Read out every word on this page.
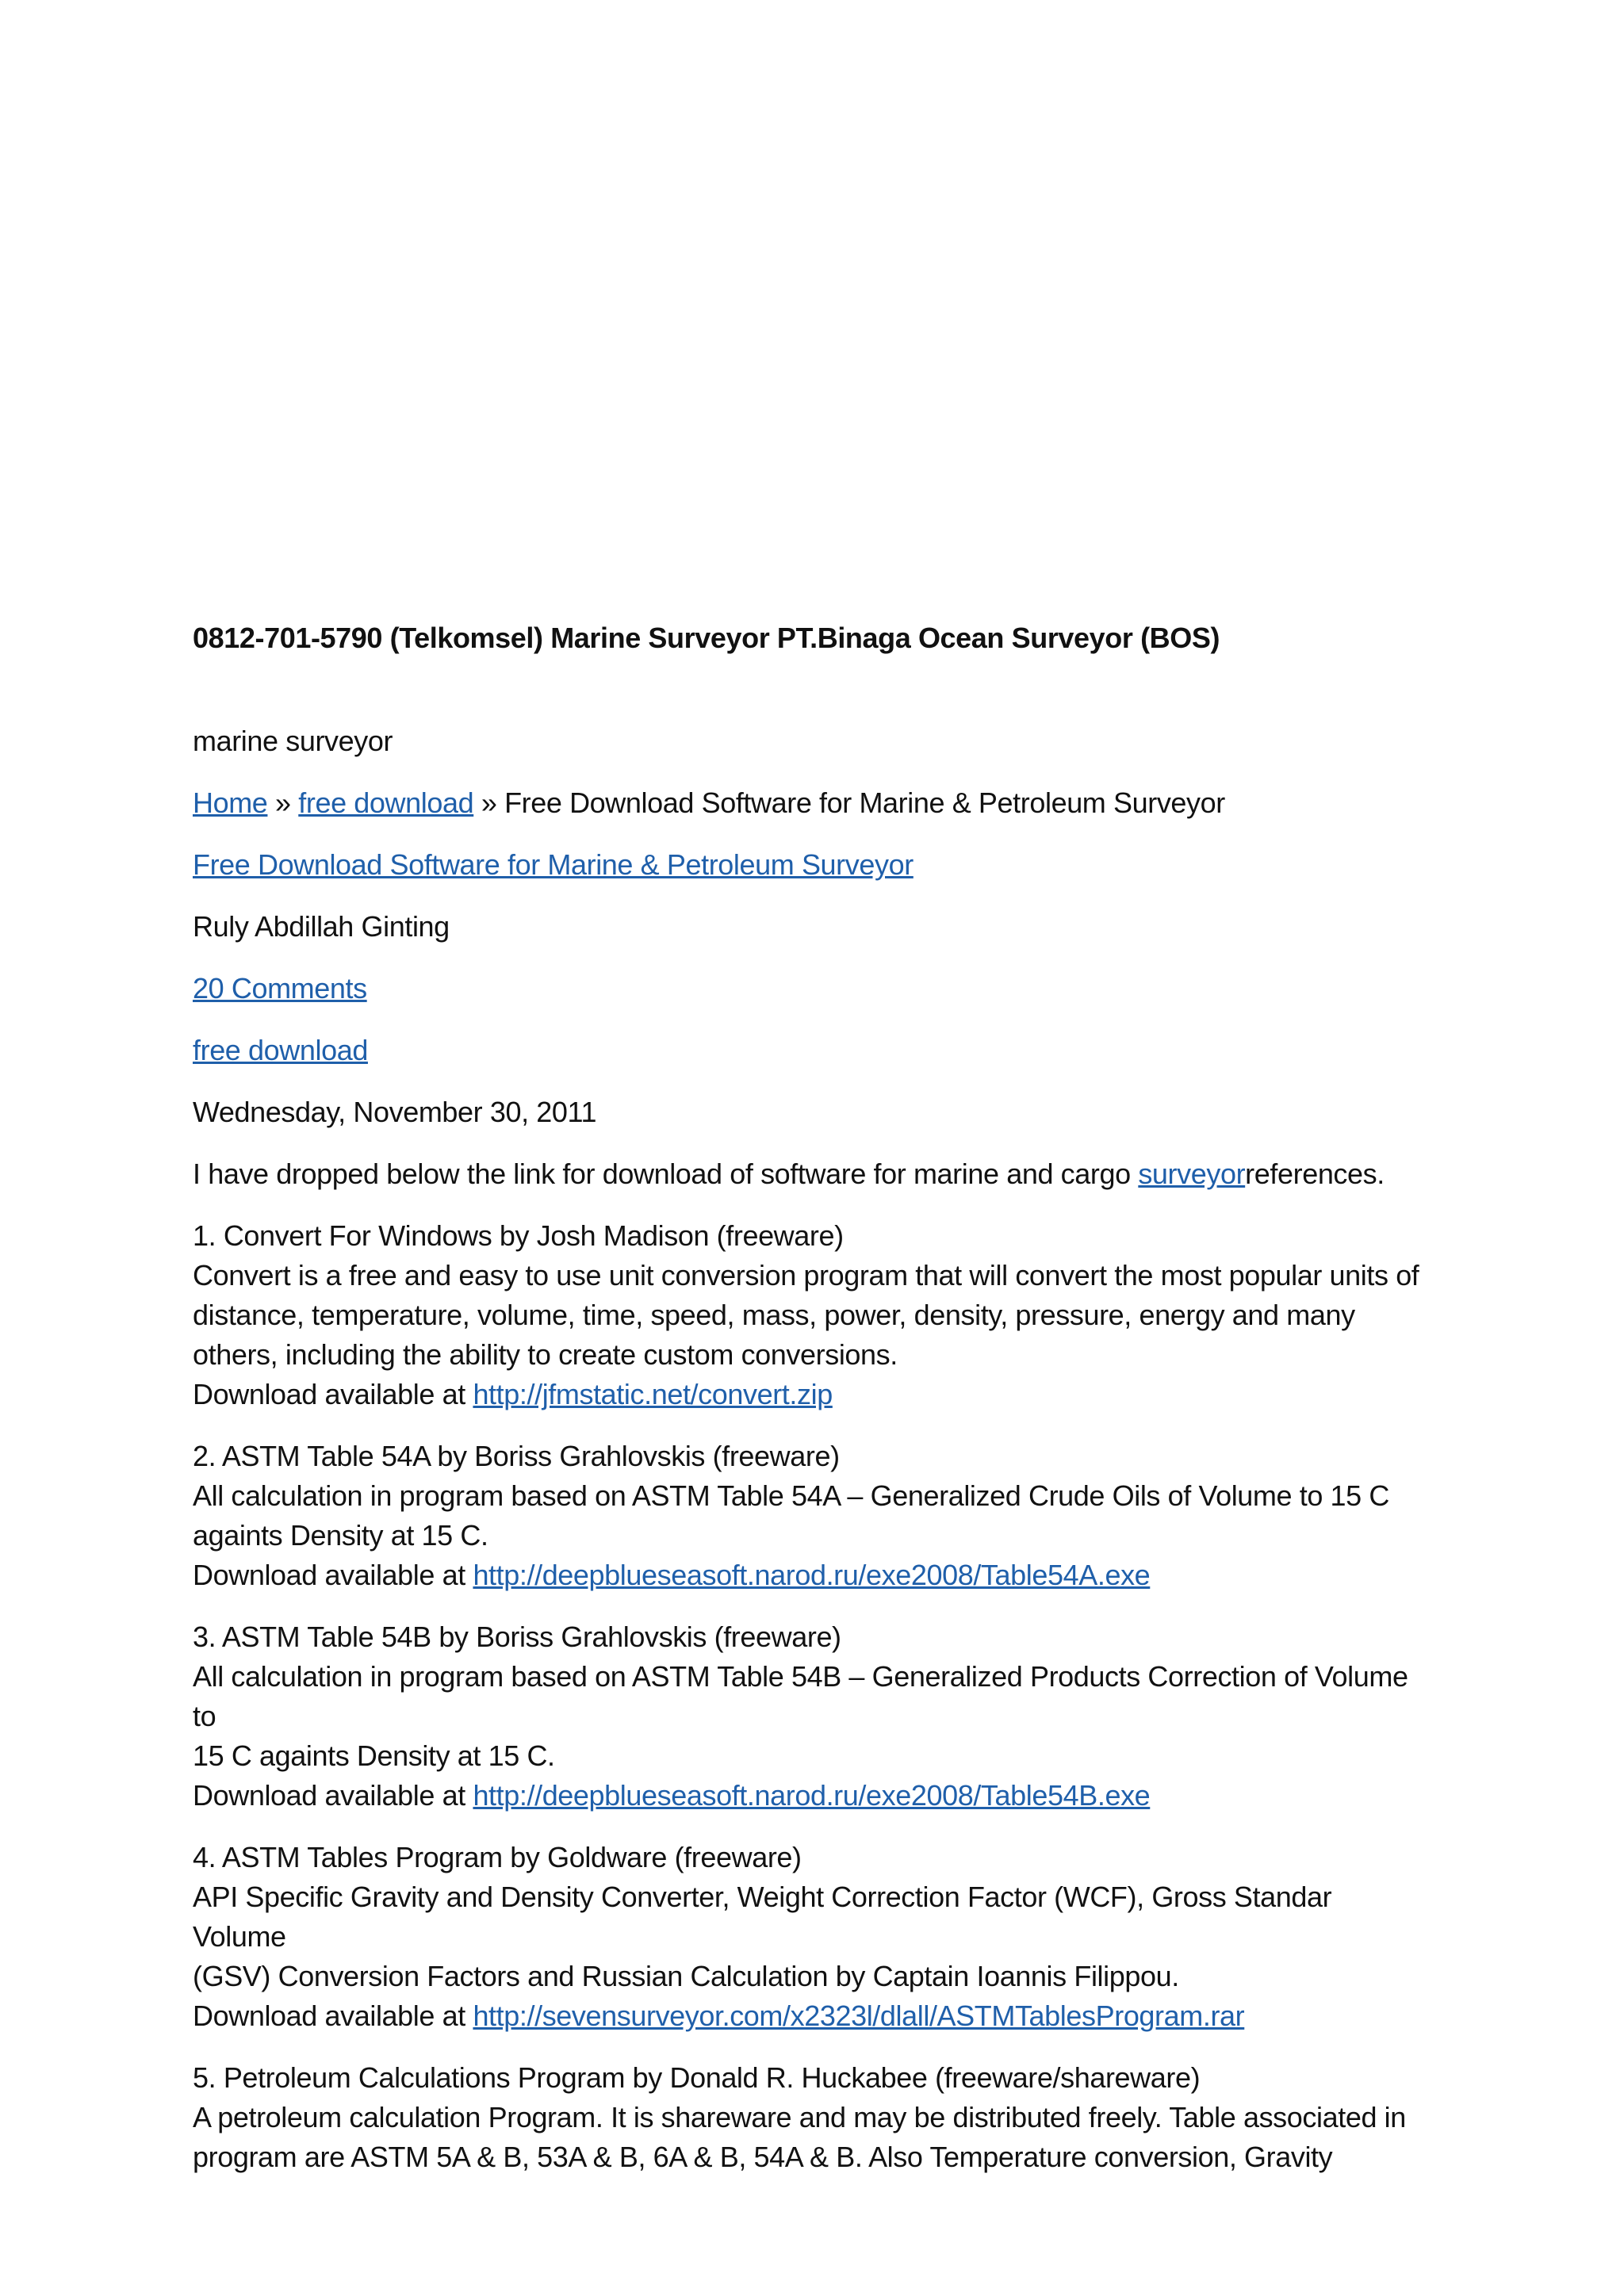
0812-701-5790 (Telkomsel) Marine Surveyor PT.Binaga Ocean Surveyor (BOS)
marine surveyor
Home » free download » Free Download Software for Marine & Petroleum Surveyor
Free Download Software for Marine & Petroleum Surveyor
Ruly Abdillah Ginting
20 Comments
free download
Wednesday, November 30, 2011
I have dropped below the link for download of software for marine and cargo surveyorreferences.
1. Convert For Windows by Josh Madison (freeware)
Convert is a free and easy to use unit conversion program that will convert the most popular units of
distance, temperature, volume, time, speed, mass, power, density, pressure, energy and many
others, including the ability to create custom conversions.
Download available at http://jfmstatic.net/convert.zip
2. ASTM Table 54A by Boriss Grahlovskis (freeware)
All calculation in program based on ASTM Table 54A – Generalized Crude Oils of Volume to 15 C
againts Density at 15 C.
Download available at http://deepblueseasoft.narod.ru/exe2008/Table54A.exe
3. ASTM Table 54B by Boriss Grahlovskis (freeware)
All calculation in program based on ASTM Table 54B – Generalized Products Correction of Volume to
15 C againts Density at 15 C.
Download available at http://deepblueseasoft.narod.ru/exe2008/Table54B.exe
4. ASTM Tables Program by Goldware (freeware)
API Specific Gravity and Density Converter, Weight Correction Factor (WCF), Gross Standar Volume
(GSV) Conversion Factors and Russian Calculation by Captain Ioannis Filippou.
Download available at http://sevensurveyor.com/x2323l/dlall/ASTMTablesProgram.rar
5. Petroleum Calculations Program by Donald R. Huckabee (freeware/shareware)
A petroleum calculation Program. It is shareware and may be distributed freely. Table associated in
program are ASTM 5A & B, 53A & B, 6A & B, 54A & B. Also Temperature conversion, Gravity
